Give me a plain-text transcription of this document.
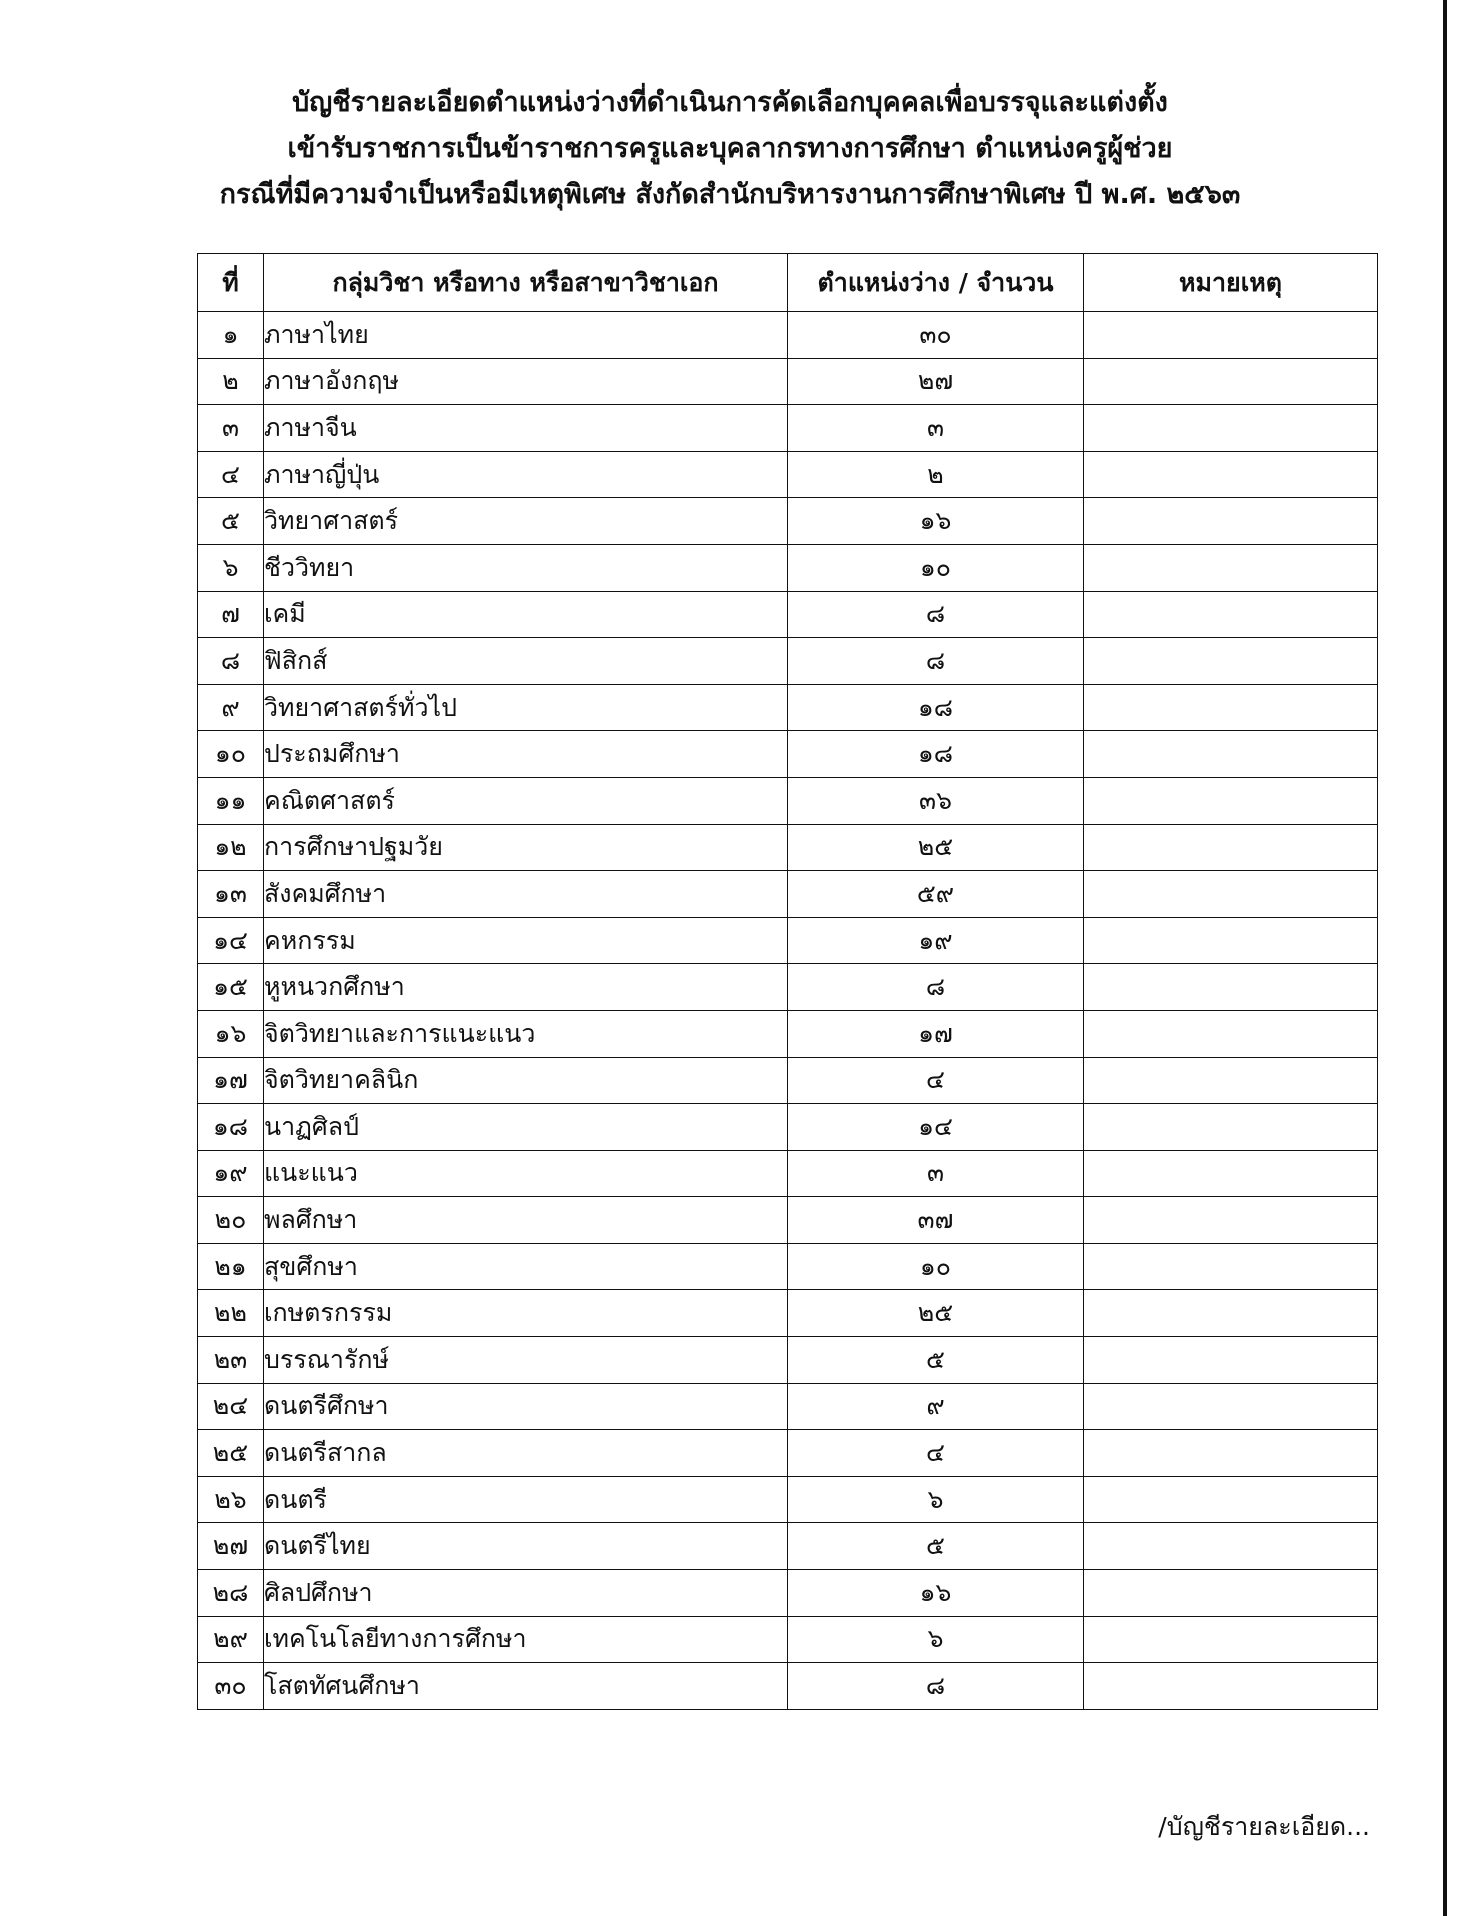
บัญชีรายละเอียดตำแหน่งว่างที่ดำเนินการคัดเลือกบุคคลเพื่อบรรจุและแต่งตั้ง
เข้ารับราชการเป็นข้าราชการครูและบุคลากรทางการศึกษา ตำแหน่งครูผู้ช่วย
กรณีที่มีความจำเป็นหรือมีเหตุพิเศษ สังกัดสำนักบริหารงานการศึกษาพิเศษ ปี พ.ศ. ๒๕๖๓
ที่	กลุ่มวิชา หรือทาง หรือสาขาวิชาเอก	ตำแหน่งว่าง / จำนวน	หมายเหตุ
๑	ภาษาไทย	๓๐	
๒	ภาษาอังกฤษ	๒๗	
๓	ภาษาจีน	๓	
๔	ภาษาญี่ปุ่น	๒	
๕	วิทยาศาสตร์	๑๖	
๖	ชีววิทยา	๑๐	
๗	เคมี	๘	
๘	ฟิสิกส์	๘	
๙	วิทยาศาสตร์ทั่วไป	๑๘	
๑๐	ประถมศึกษา	๑๘	
๑๑	คณิตศาสตร์	๓๖	
๑๒	การศึกษาปฐมวัย	๒๕	
๑๓	สังคมศึกษา	๕๙	
๑๔	คหกรรม	๑๙	
๑๕	หูหนวกศึกษา	๘	
๑๖	จิตวิทยาและการแนะแนว	๑๗	
๑๗	จิตวิทยาคลินิก	๔	
๑๘	นาฏศิลป์	๑๔	
๑๙	แนะแนว	๓	
๒๐	พลศึกษา	๓๗	
๒๑	สุขศึกษา	๑๐	
๒๒	เกษตรกรรม	๒๕	
๒๓	บรรณารักษ์	๕	
๒๔	ดนตรีศึกษา	๙	
๒๕	ดนตรีสากล	๔	
๒๖	ดนตรี	๖	
๒๗	ดนตรีไทย	๕	
๒๘	ศิลปศึกษา	๑๖	
๒๙	เทคโนโลยีทางการศึกษา	๖	
๓๐	โสตทัศนศึกษา	๘	
/บัญชีรายละเอียด...
